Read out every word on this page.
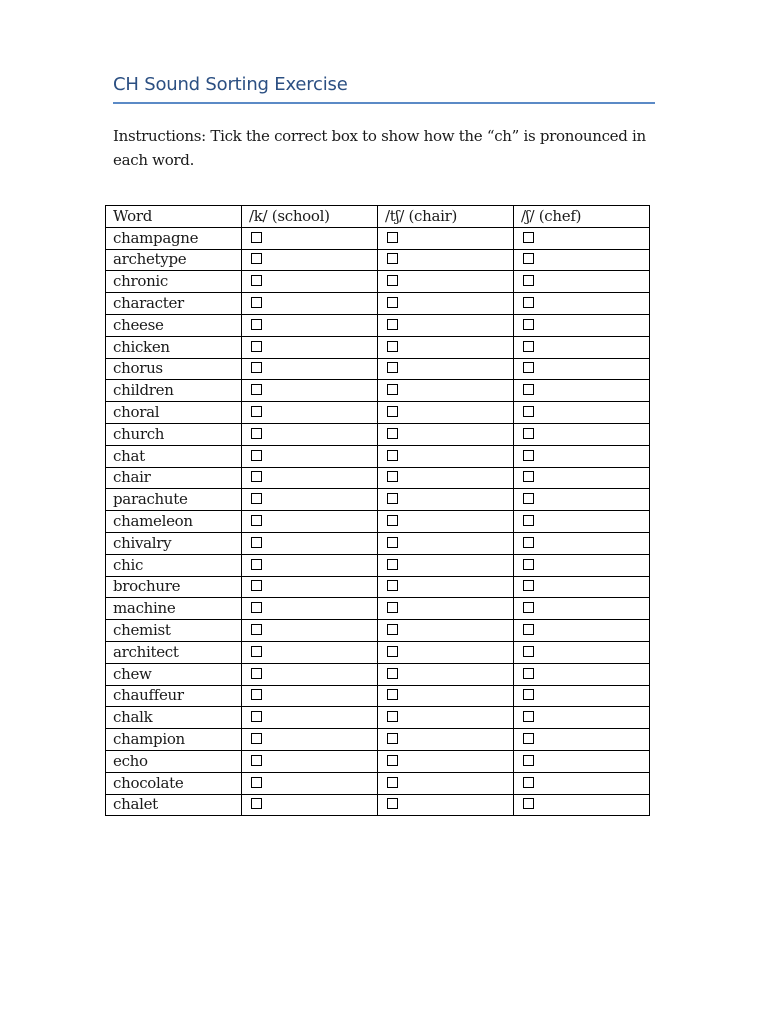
CH Sound Sorting Exercise
Instructions: Tick the correct box to show how the “ch” is pronounced in each word.
Word	/k/ (school)	/tʃ/ (chair)	/ʃ/ (chef)
champagne			
archetype			
chronic			
character			
cheese			
chicken			
chorus			
children			
choral			
church			
chat			
chair			
parachute			
chameleon			
chivalry			
chic			
brochure			
machine			
chemist			
architect			
chew			
chauffeur			
chalk			
champion			
echo			
chocolate			
chalet			
